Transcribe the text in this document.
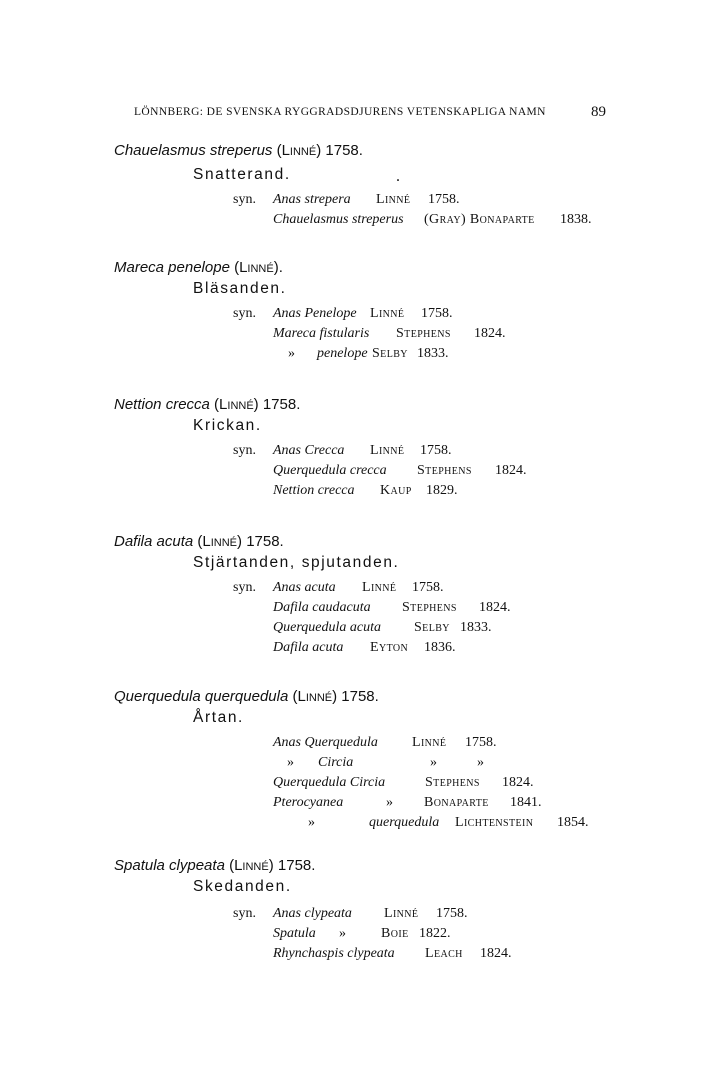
LÖNNBERG: DE SVENSKA RYGGRADSDJURENS VETENSKAPLIGA NAMN	89
Chauelasmus streperus (Linné) 1758.
Snatterand.	.
syn. Anas strepera Linné 1758.
Chauelasmus streperus (Gray) Bonaparte 1838.
Mareca penelope (Linné).
Bläsanden.
syn. Anas Penelope Linné 1758.
Mareca fistularis Stephens 1824.
» penelope Selby 1833.
Nettion crecca (Linné) 1758.
Krickan.
syn. Anas Crecca Linné 1758.
Querquedula crecca Stephens 1824.
Nettion crecca Kaup 1829.
Dafila acuta (Linné) 1758.
Stjärtanden, spjutanden.
syn. Anas acuta Linné 1758.
Dafila caudacuta Stephens 1824.
Querquedula acuta Selby 1833.
Dafila acuta Eyton 1836.
Querquedula querquedula (Linné) 1758.
Årtan.
Anas Querquedula Linné 1758.
» Circia	»	»
Querquedula Circia	Stephens 1824.
Pterocyanea	» Bonaparte 1841.
»	querquedula Lichtenstein 1854.
Spatula clypeata (Linné) 1758.
Skedanden.
syn. Anas clypeata Linné 1758.
Spatula »	Boie 1822.
Rhynchaspis clypeata Leach 1824.
